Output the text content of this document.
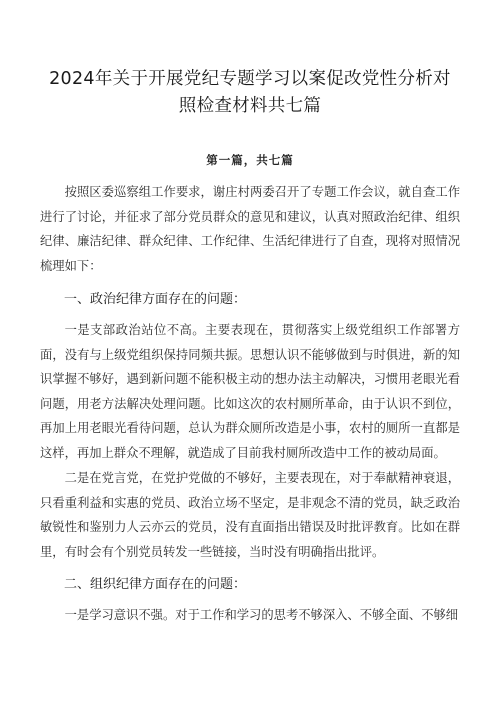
2024年关于开展党纪专题学习以案促改党性分析对
照检查材料共七篇
第一篇，共七篇

按照区委巡察组工作要求，谢庄村两委召开了专题工作会议，就自查工作进行了讨论，并征求了部分党员群众的意见和建议，认真对照政治纪律、组织纪律、廉洁纪律、群众纪律、工作纪律、生活纪律进行了自查，现将对照情况梳理如下：

一、政治纪律方面存在的问题：

一是支部政治站位不高。主要表现在，贯彻落实上级党组织工作部署方面，没有与上级党组织保持同频共振。思想认识不能够做到与时俱进，新的知识掌握不够好，遇到新问题不能积极主动的想办法主动解决，习惯用老眼光看问题，用老方法解决处理问题。比如这次的农村厕所革命，由于认识不到位，再加上用老眼光看待问题，总认为群众厕所改造是小事，农村的厕所一直都是这样，再加上群众不理解，就造成了目前我村厕所改造中工作的被动局面。

二是在党言党，在党护党做的不够好，主要表现在，对于奉献精神衰退，只看重利益和实惠的党员、政治立场不坚定，是非观念不清的党员，缺乏政治敏锐性和鉴别力人云亦云的党员，没有直面指出错误及时批评教育。比如在群里，有时会有个别党员转发一些链接，当时没有明确指出批评。

二、组织纪律方面存在的问题：

一是学习意识不强。对于工作和学习的思考不够深入、不够全面、不够细
